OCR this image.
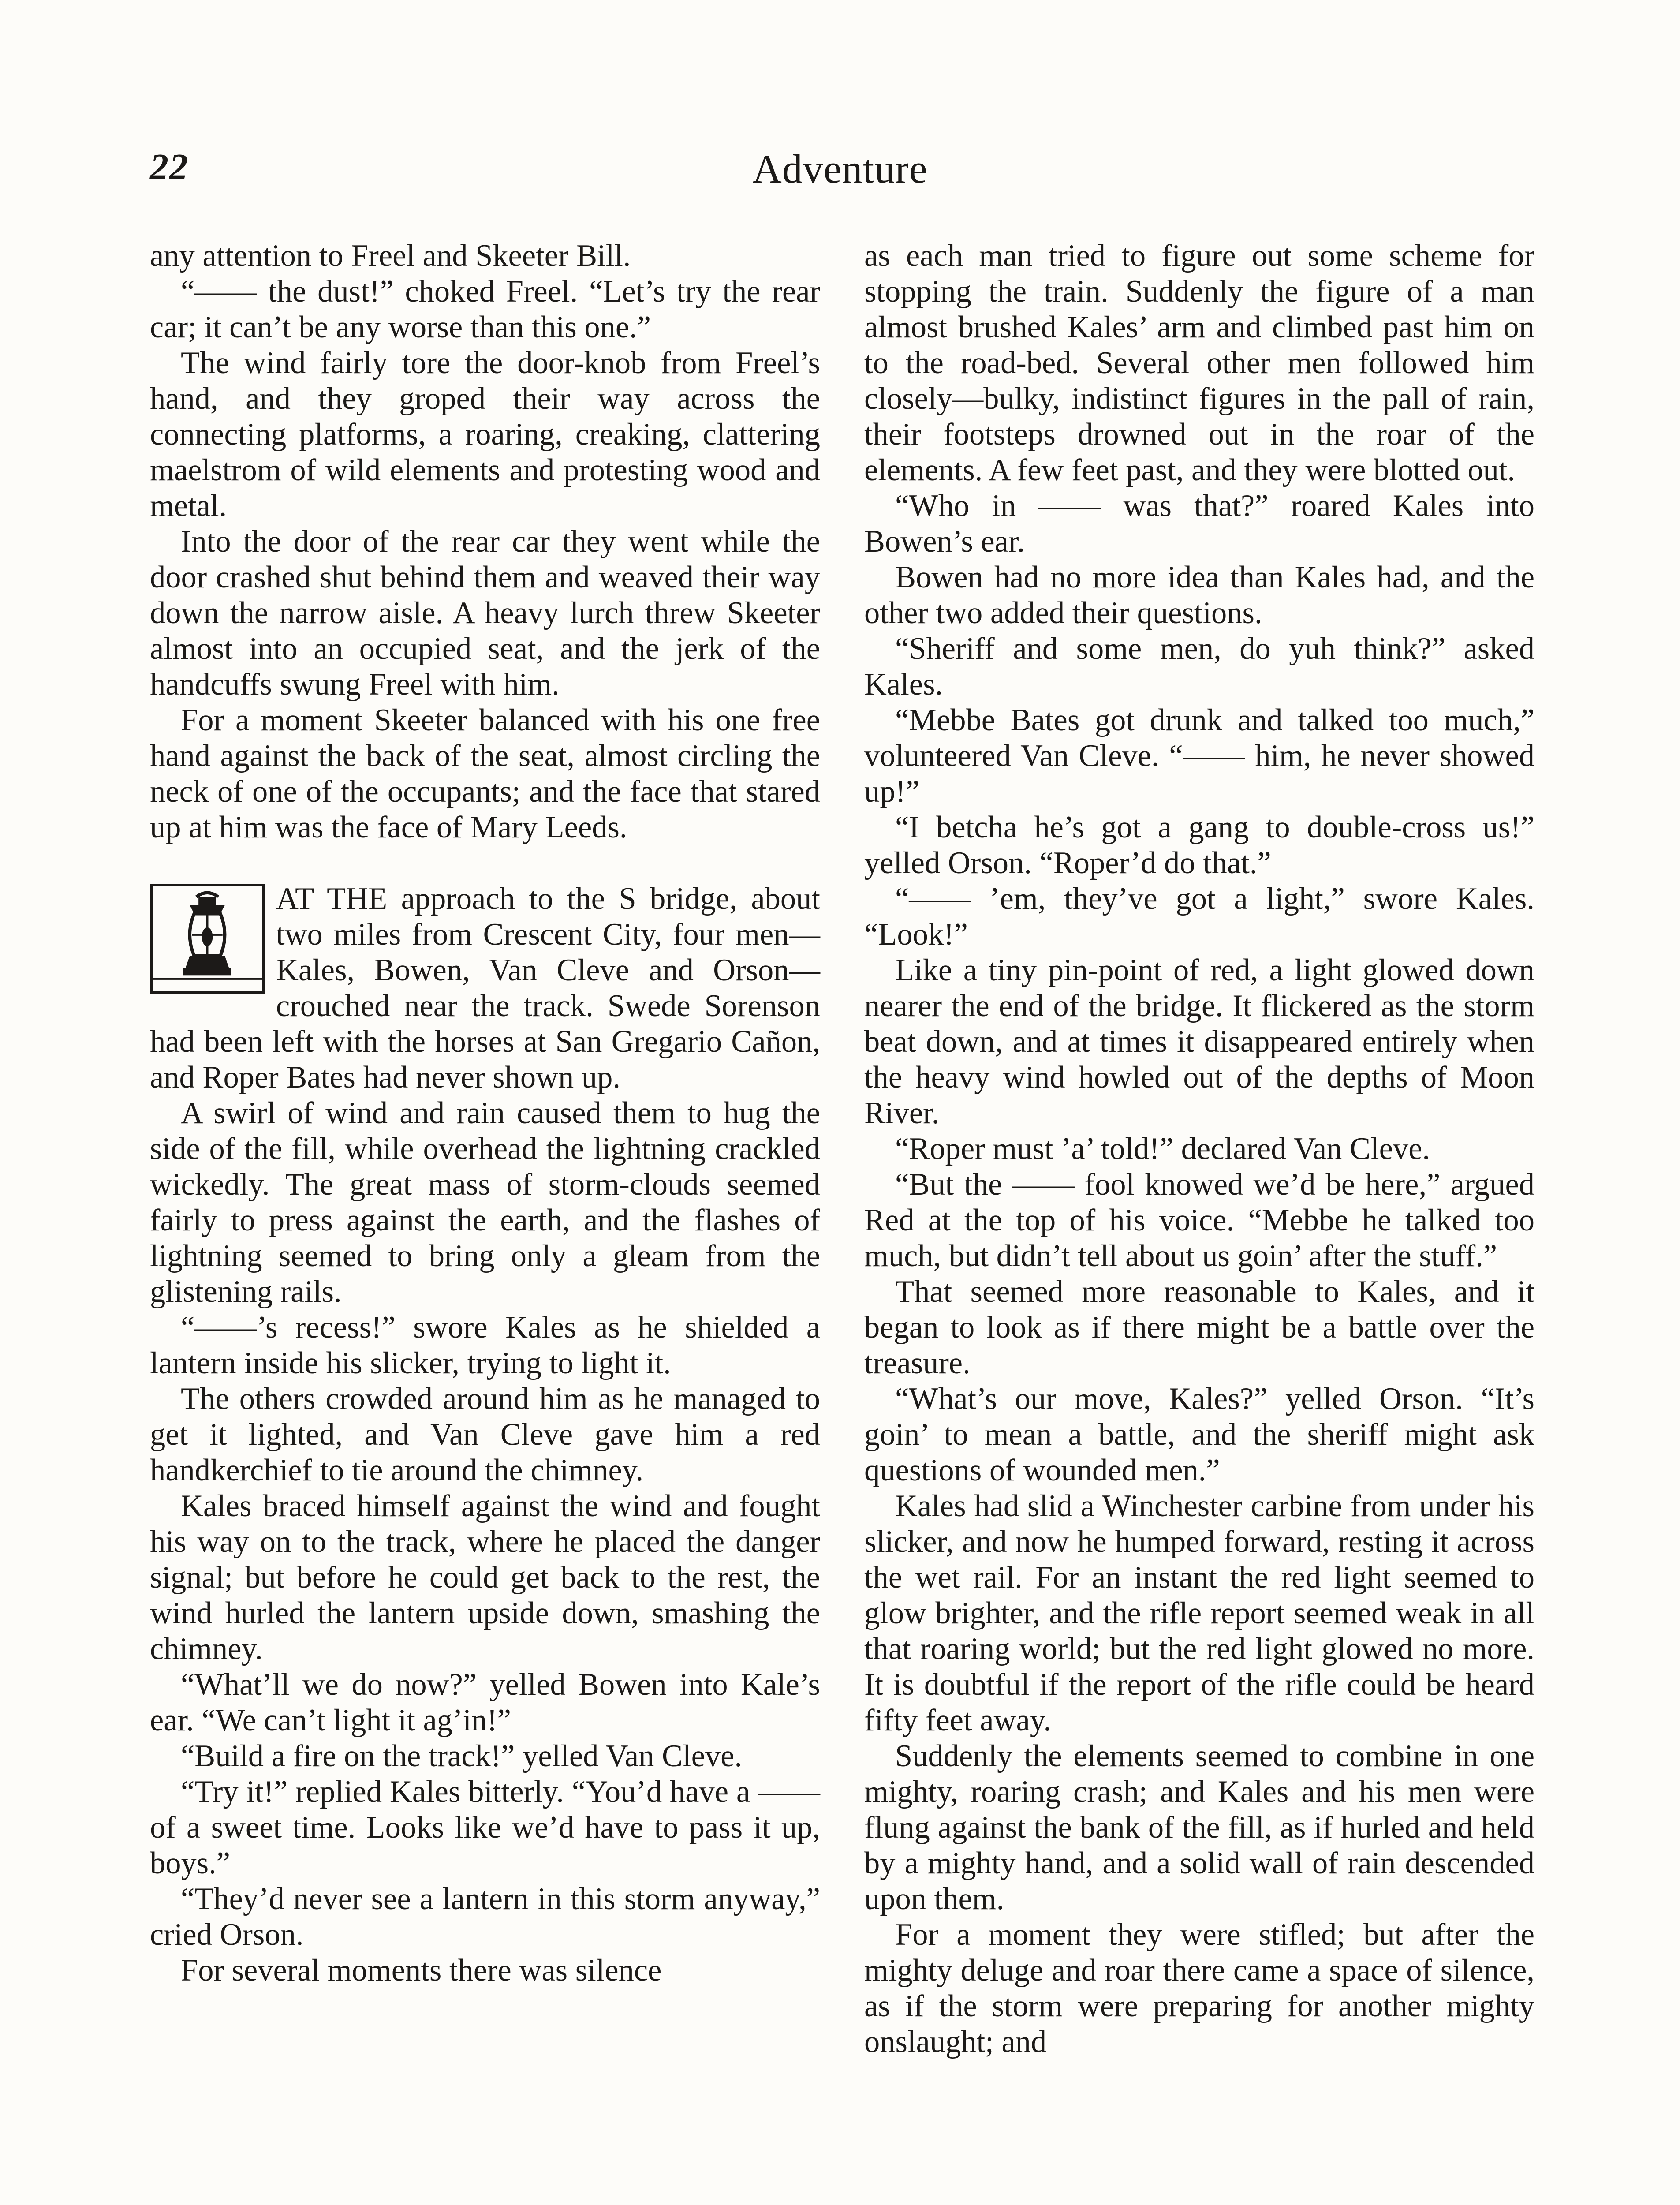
22	Adventure

any attention to Freel and Skeeter Bill.

“—— the dust!” choked Freel. “Let’s try the rear car; it can’t be any worse than this one.”

The wind fairly tore the door-knob from Freel’s hand, and they groped their way across the connecting platforms, a roaring, creaking, clattering maelstrom of wild elements and protesting wood and metal.

Into the door of the rear car they went while the door crashed shut behind them and weaved their way down the narrow aisle. A heavy lurch threw Skeeter almost into an occupied seat, and the jerk of the handcuffs swung Freel with him.

For a moment Skeeter balanced with his one free hand against the back of the seat, almost circling the neck of one of the occupants; and the face that stared up at him was the face of Mary Leeds.

AT THE approach to the S bridge, about two miles from Crescent City, four men—Kales, Bowen, Van Cleve and Orson—crouched near the track. Swede Sorenson had been left with the horses at San Gregario Cañon, and Roper Bates had never shown up.

A swirl of wind and rain caused them to hug the side of the fill, while overhead the lightning crackled wickedly. The great mass of storm-clouds seemed fairly to press against the earth, and the flashes of lightning seemed to bring only a gleam from the glistening rails.

“——’s recess!” swore Kales as he shielded a lantern inside his slicker, trying to light it.

The others crowded around him as he managed to get it lighted, and Van Cleve gave him a red handkerchief to tie around the chimney.

Kales braced himself against the wind and fought his way on to the track, where he placed the danger signal; but before he could get back to the rest, the wind hurled the lantern upside down, smashing the chimney.

“What’ll we do now?” yelled Bowen into Kale’s ear. “We can’t light it ag’in!”

“Build a fire on the track!” yelled Van Cleve.

“Try it!” replied Kales bitterly. “You’d have a —— of a sweet time. Looks like we’d have to pass it up, boys.”

“They’d never see a lantern in this storm anyway,” cried Orson.

For several moments there was silence

as each man tried to figure out some scheme for stopping the train. Suddenly the figure of a man almost brushed Kales’ arm and climbed past him on to the road-bed. Several other men followed him closely—bulky, indistinct figures in the pall of rain, their footsteps drowned out in the roar of the elements. A few feet past, and they were blotted out.

“Who in —— was that?” roared Kales into Bowen’s ear.

Bowen had no more idea than Kales had, and the other two added their questions.

“Sheriff and some men, do yuh think?” asked Kales.

“Mebbe Bates got drunk and talked too much,” volunteered Van Cleve. “—— him, he never showed up!”

“I betcha he’s got a gang to double-cross us!” yelled Orson. “Roper’d do that.”

“—— ’em, they’ve got a light,” swore Kales. “Look!”

Like a tiny pin-point of red, a light glowed down nearer the end of the bridge. It flickered as the storm beat down, and at times it disappeared entirely when the heavy wind howled out of the depths of Moon River.

“Roper must ’a’ told!” declared Van Cleve.

“But the —— fool knowed we’d be here,” argued Red at the top of his voice. “Mebbe he talked too much, but didn’t tell about us goin’ after the stuff.”

That seemed more reasonable to Kales, and it began to look as if there might be a battle over the treasure.

“What’s our move, Kales?” yelled Orson. “It’s goin’ to mean a battle, and the sheriff might ask questions of wounded men.”

Kales had slid a Winchester carbine from under his slicker, and now he humped forward, resting it across the wet rail. For an instant the red light seemed to glow brighter, and the rifle report seemed weak in all that roaring world; but the red light glowed no more. It is doubtful if the report of the rifle could be heard fifty feet away.

Suddenly the elements seemed to combine in one mighty, roaring crash; and Kales and his men were flung against the bank of the fill, as if hurled and held by a mighty hand, and a solid wall of rain descended upon them.

For a moment they were stifled; but after the mighty deluge and roar there came a space of silence, as if the storm were preparing for another mighty onslaught; and
